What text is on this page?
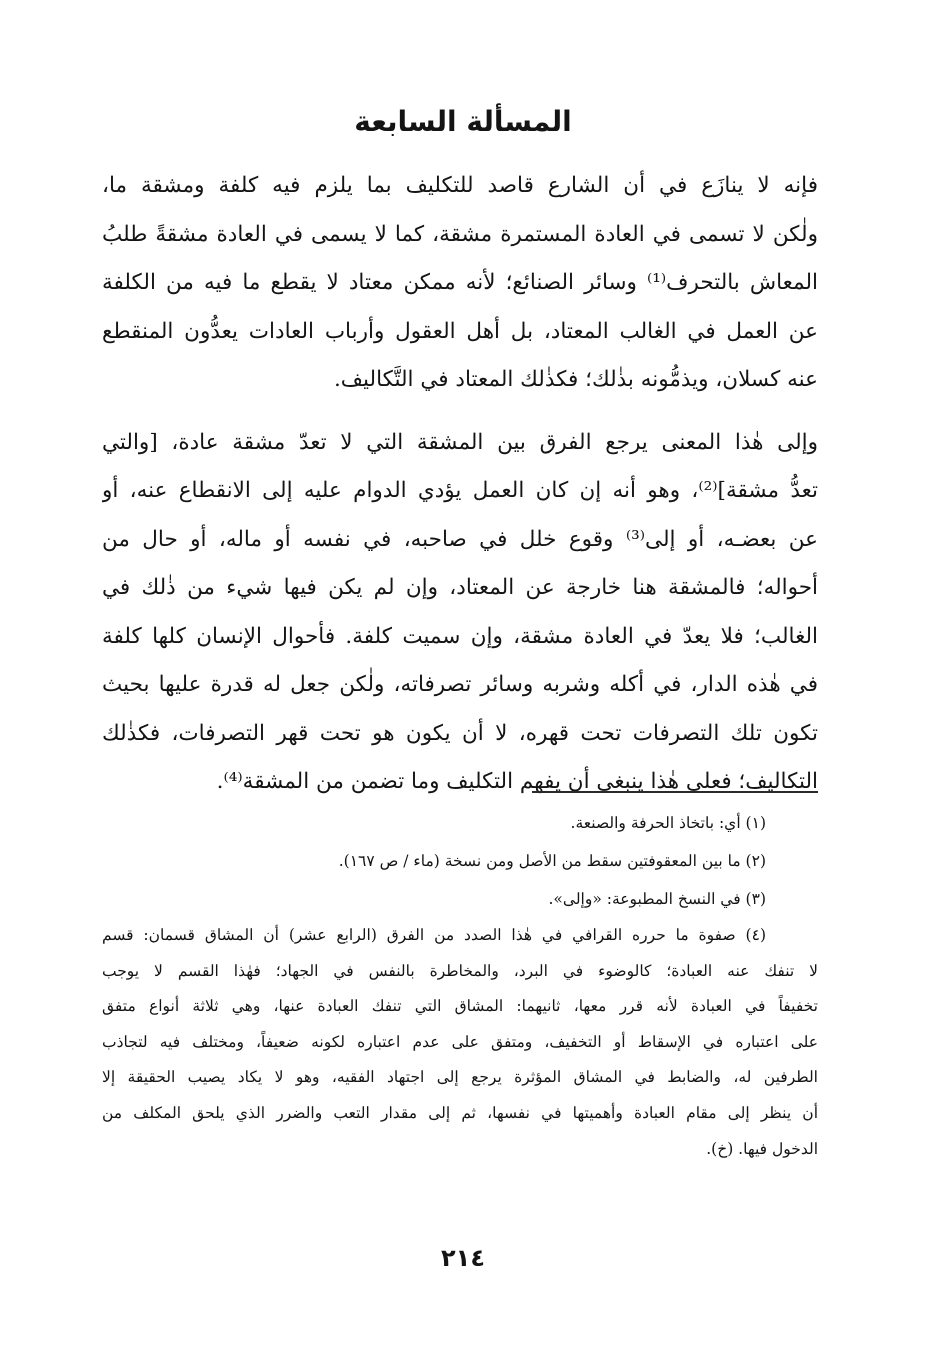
المسألة السابعة
فإنه لا ينازَع في أن الشارع قاصد للتكليف بما يلزم فيه كلفة ومشقة ما،
ولٰكن لا تسمى في العادة المستمرة مشقة، كما لا يسمى في العادة مشقةً طلبُ
المعاش بالتحرف⁽¹⁾ وسائر الصنائع؛ لأنه ممكن معتاد لا يقطع ما فيه من الكلفة
عن العمل في الغالب المعتاد، بل أهل العقول وأرباب العادات يعدُّون المنقطع
عنه كسلان، ويذمُّونه بذٰلك؛ فكذٰلك المعتاد في التَّكاليف.
وإلى هٰذا المعنى يرجع الفرق بين المشقة التي لا تعدّ مشقة عادة، [والتي
تعدُّ مشقة]⁽²⁾، وهو أنه إن كان العمل يؤدي الدوام عليه إلى الانقطاع عنه، أو
عن بعضـه، أو إلى⁽³⁾ وقوع خلل في صاحبه، في نفسه أو ماله، أو حال من
أحواله؛ فالمشقة هنا خارجة عن المعتاد، وإن لم يكن فيها شيء من ذٰلك في
الغالب؛ فلا يعدّ في العادة مشقة، وإن سميت كلفة. فأحوال الإنسان كلها كلفة
في هٰذه الدار، في أكله وشربه وسائر تصرفاته، ولٰكن جعل له قدرة عليها بحيث
تكون تلك التصرفات تحت قهره، لا أن يكون هو تحت قهر التصرفات، فكذٰلك
التكاليف؛ فعلى هٰذا ينبغي أن يفهم التكليف وما تضمن من المشقة⁽⁴⁾.
(١) أي: باتخاذ الحرفة والصنعة.
(٢) ما بين المعقوفتين سقط من الأصل ومن نسخة (ماء / ص ١٦٧).
(٣) في النسخ المطبوعة: «وإلى».
(٤) صفوة ما حرره القرافي في هٰذا الصدد من الفرق (الرابع عشر) أن المشاق قسمان: قسم
لا تنفك عنه العبادة؛ كالوضوء في البرد، والمخاطرة بالنفس في الجهاد؛ فهٰذا القسم لا يوجب
تخفيفاً في العبادة لأنه قرر معها، ثانيهما: المشاق التي تنفك العبادة عنها، وهي ثلاثة أنواع متفق
على اعتباره في الإسقاط أو التخفيف، ومتفق على عدم اعتباره لكونه ضعيفاً، ومختلف فيه لتجاذب
الطرفين له، والضابط في المشاق المؤثرة يرجع إلى اجتهاد الفقيه، وهو لا يكاد يصيب الحقيقة إلا
أن ينظر إلى مقام العبادة وأهميتها في نفسها، ثم إلى مقدار التعب والضرر الذي يلحق المكلف من
الدخول فيها. (خ).
٢١٤
